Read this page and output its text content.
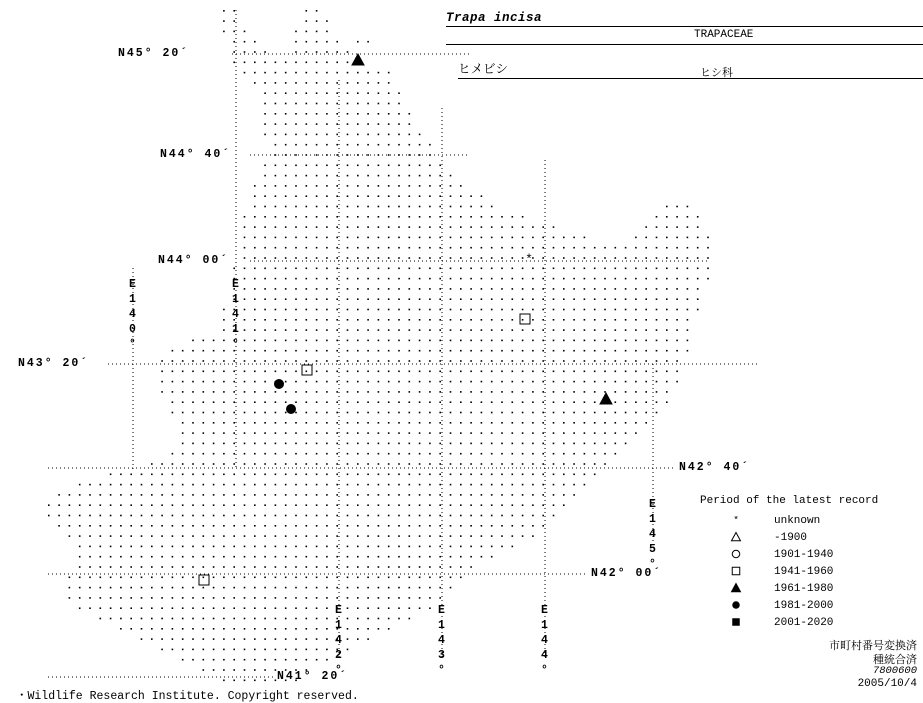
*
Trapa incisa
TRAPACEAE
ヒメビシ	ヒシ科
N45° 20´
N44° 40´
N44° 00´
N43° 20´
N42° 40´
N42° 00´
N41° 20´
E140°	E141°
E142°	E143°	E144°
E145°	Period of the latest record
*	unknown
-1900
1901-1940
1941-1960
1961-1980
1981-2000
2001-2020
市町村番号変換済
種統合済
7800600
2005/10/4
・Wildlife Research Institute. Copyright reserved.
